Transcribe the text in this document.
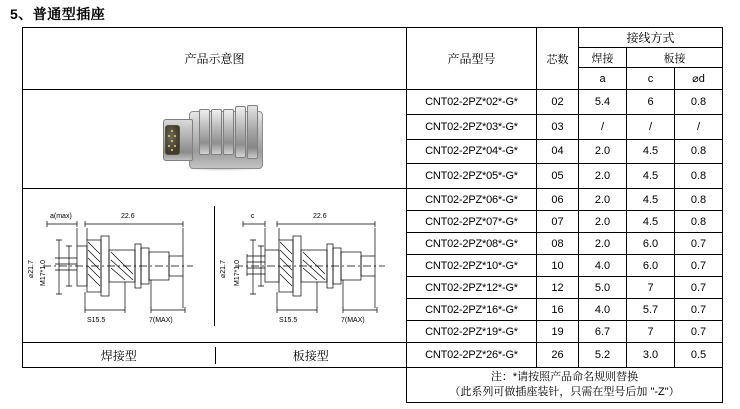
5、普通型插座
产品示意图	产品型号	芯数	接线方式		
			焊接	板接	
			a	c	⌀d

	CNT02-2PZ*02*-G*	02	5.4	6	0.8
	CNT02-2PZ*03*-G*	03	/	/	/
	CNT02-2PZ*04*-G*	04	2.0	4.5	0.8
	CNT02-2PZ*05*-G*	05	2.0	4.5	0.8

a(max)	22.6
⌀21.7 M17*1.0
S15.5	7(MAX)
c	22.6
⌀21.7 M17*1.0
S15.5	7(MAX)
	CNT02-2PZ*06*-G*	06	2.0	4.5	0.8
	CNT02-2PZ*07*-G*	07	2.0	4.5	0.8
	CNT02-2PZ*08*-G*	08	2.0	6.0	0.7
	CNT02-2PZ*10*-G*	10	4.0	6.0	0.7
	CNT02-2PZ*12*-G*	12	5.0	7	0.7
	CNT02-2PZ*16*-G*	16	4.0	5.7	0.7
	CNT02-2PZ*19*-G*	19	6.7	7	0.7

焊接型 板接型	CNT02-2PZ*26*-G*	26	5.2	3.0	0.5

	注：*请按照产品命名规则替换
（此系列可做插座装针，只需在型号后加 "-Z"）				
